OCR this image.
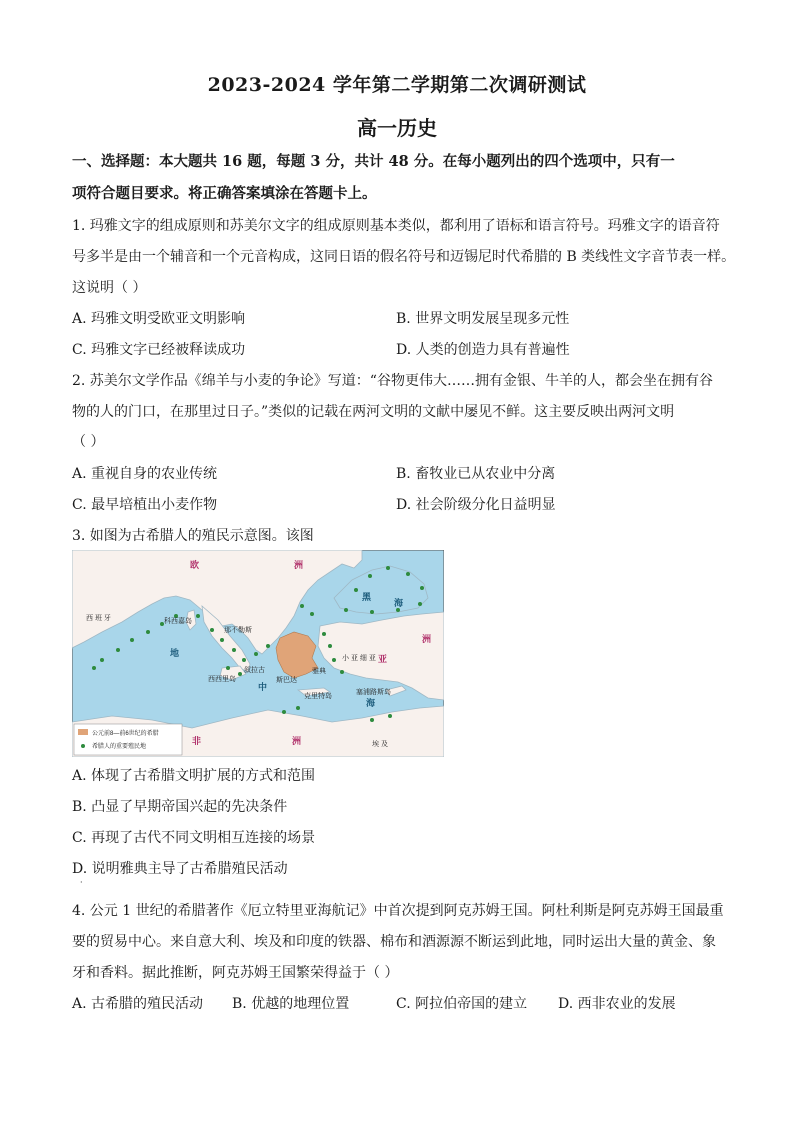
2023-2024 学年第二学期第二次调研测试
高一历史
一、选择题：本大题共 16 题，每题 3 分，共计 48 分。在每小题列出的四个选项中，只有一
项符合题目要求。将正确答案填涂在答题卡上。
1. 玛雅文字的组成原则和苏美尔文字的组成原则基本类似，都利用了语标和语言符号。玛雅文字的语音符
号多半是由一个辅音和一个元音构成，这同日语的假名符号和迈锡尼时代希腊的 B 类线性文字音节表一样。
这说明（ ）
A. 玛雅文明受欧亚文明影响	B. 世界文明发展呈现多元性
C. 玛雅文字已经被释读成功	D. 人类的创造力具有普遍性
2. 苏美尔文学作品《绵羊与小麦的争论》写道：“谷物更伟大……拥有金银、牛羊的人，都会坐在拥有谷
物的人的门口，在那里过日子。”类似的记载在两河文明的文献中屡见不鲜。这主要反映出两河文明
（ ）
A. 重视自身的农业传统	B. 畜牧业已从农业中分离
C. 最早培植出小麦作物	D. 社会阶级分化日益明显
3. 如图为古希腊人的殖民示意图。该图
欧	洲
亚
洲
非	洲
黑
海
地
中
海
西 班 牙	科西嘉岛
那不勒斯
小 亚 细 亚
叙拉古	雅典
西西里岛	斯巴达
克里特岛
塞浦路斯岛
埃 及
公元前8—前6世纪的希腊
希腊人的重要殖民地
A. 体现了古希腊文明扩展的方式和范围
B. 凸显了早期帝国兴起的先决条件
C. 再现了古代不同文明相互连接的场景
D. 说明雅典主导了古希腊殖民活动
·
4. 公元 1 世纪的希腊著作《厄立特里亚海航记》中首次提到阿克苏姆王国。阿杜利斯是阿克苏姆王国最重
要的贸易中心。来自意大利、埃及和印度的铁器、棉布和酒源源不断运到此地，同时运出大量的黄金、象
牙和香料。据此推断，阿克苏姆王国繁荣得益于（ ）
A. 古希腊的殖民活动 B. 优越的地理位置	C. 阿拉伯帝国的建立 D. 西非农业的发展
